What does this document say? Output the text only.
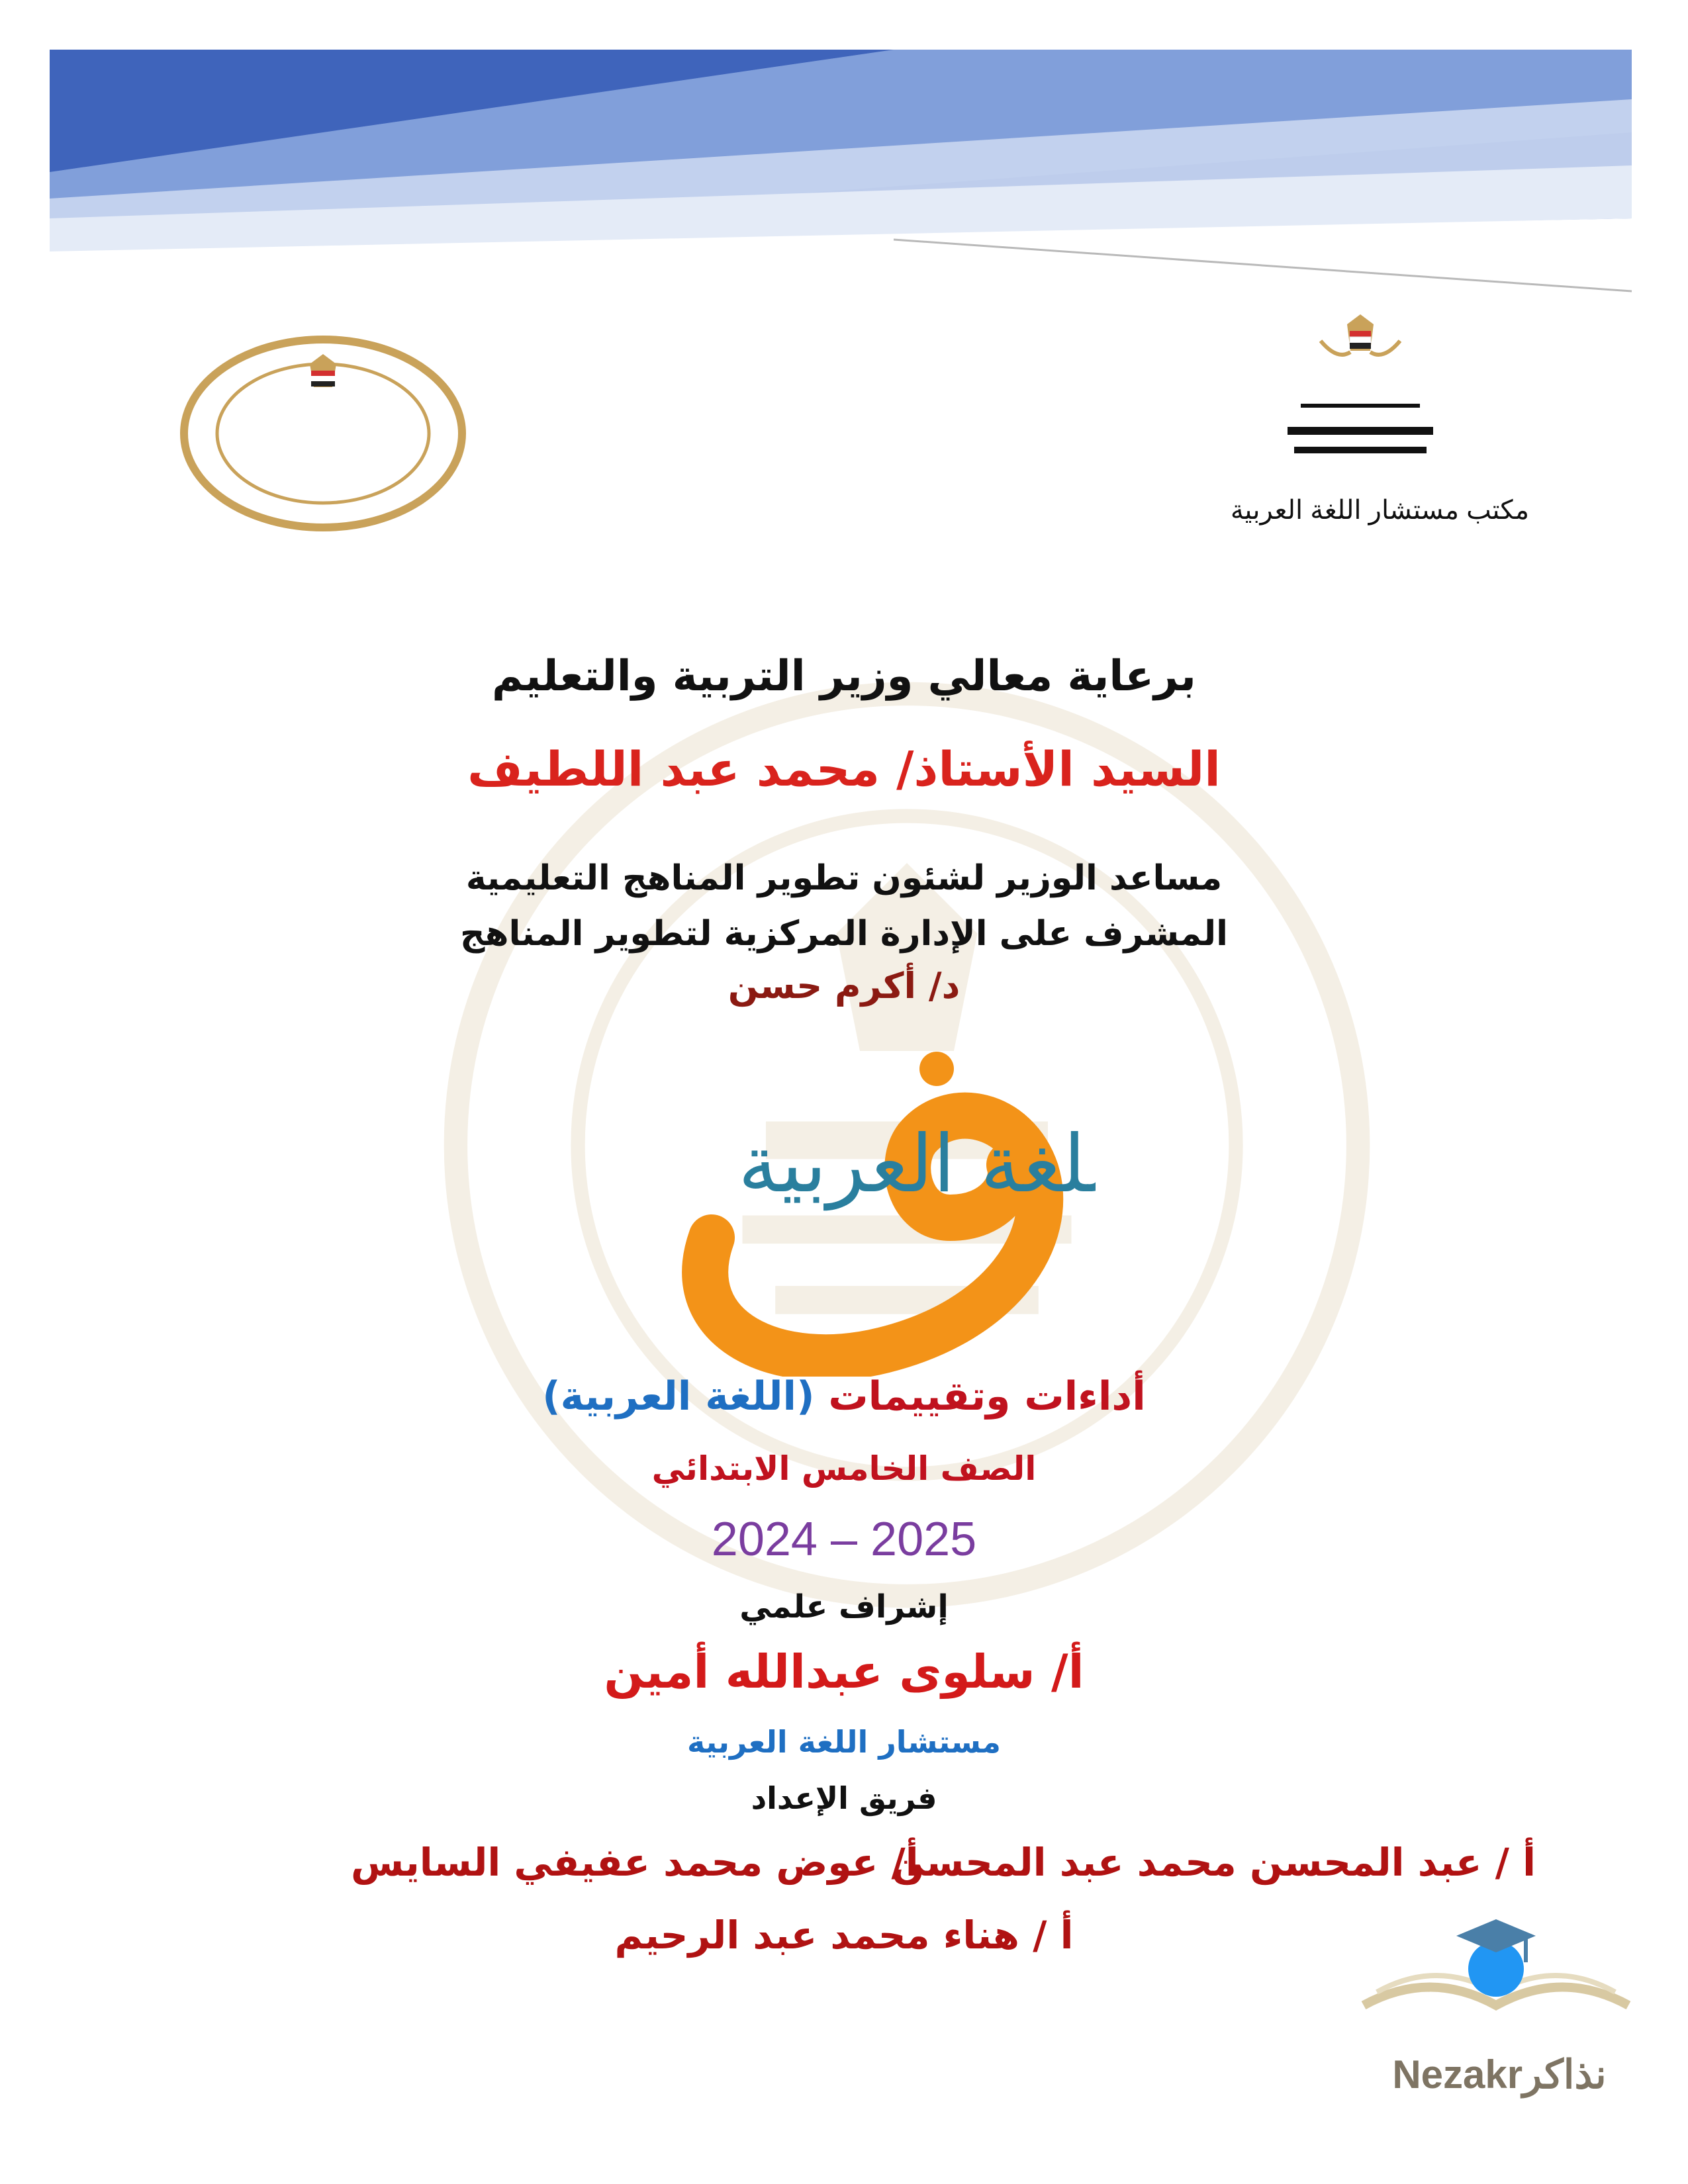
مكتب مستشار اللغة العربية
برعاية معالي وزير التربية والتعليم
السيد الأستاذ/ محمد عبد اللطيف
مساعد الوزير لشئون تطوير المناهج التعليمية
المشرف على الإدارة المركزية لتطوير المناهج
د/ أكرم حسن
اللغة العربية
أداءات وتقييمات (اللغة العربية)
الصف الخامس الابتدائي
2024 – 2025
إشراف علمي
أ/ سلوى عبدالله أمين
مستشار اللغة العربية
فريق الإعداد
أ / عبد المحسن محمد عبد المحسن
أ/ عوض محمد عفيفي السايس
أ / هناء محمد عبد الرحيم
Nezakrنذاكر
